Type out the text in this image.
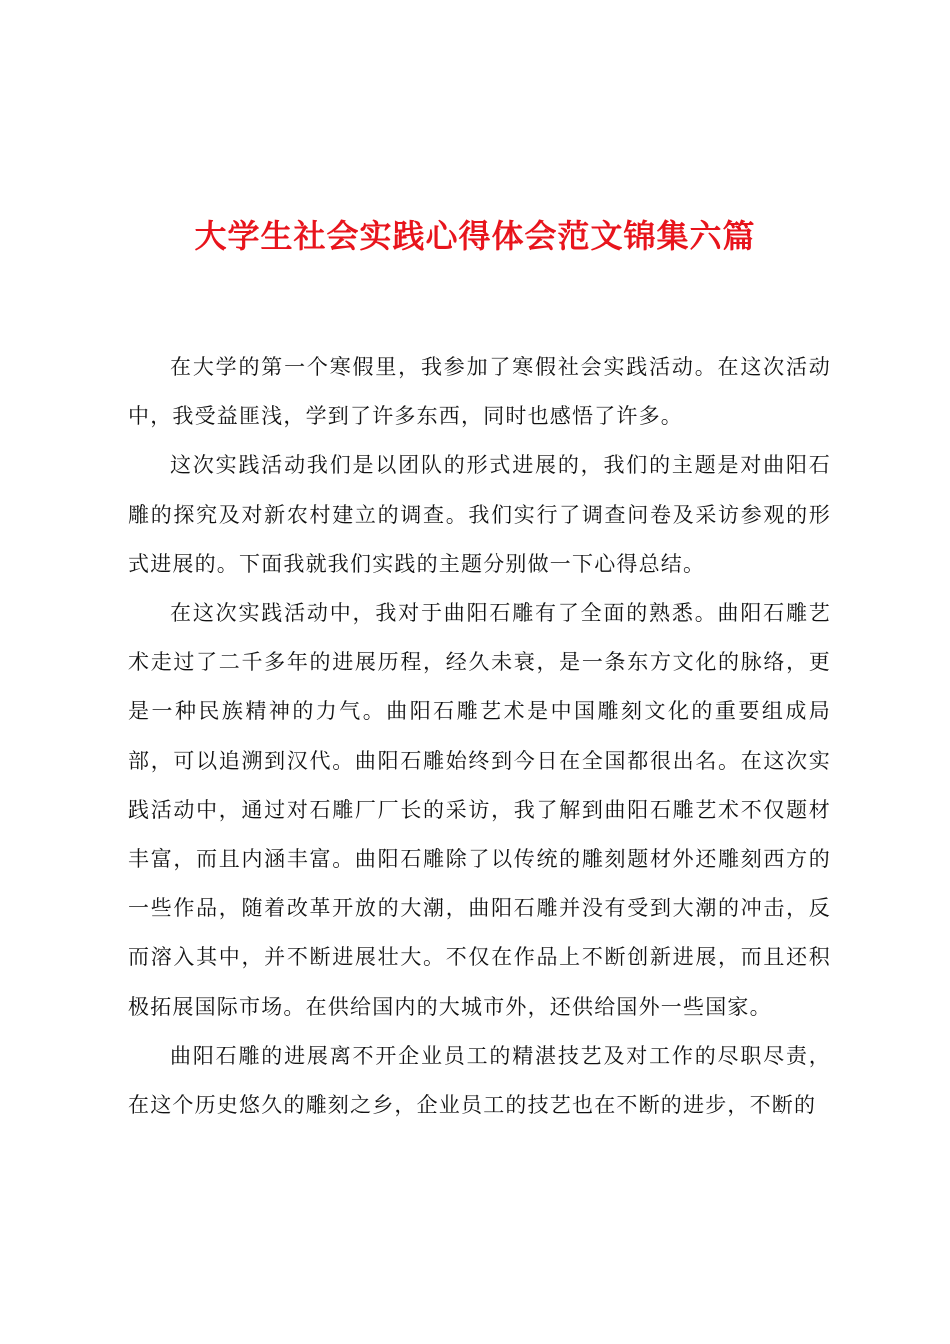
大学生社会实践心得体会范文锦集六篇

在大学的第一个寒假里，我参加了寒假社会实践活动。在这次活动中，我受益匪浅，学到了许多东西，同时也感悟了许多。

这次实践活动我们是以团队的形式进展的，我们的主题是对曲阳石雕的探究及对新农村建立的调查。我们实行了调查问卷及采访参观的形式进展的。下面我就我们实践的主题分别做一下心得总结。

在这次实践活动中，我对于曲阳石雕有了全面的熟悉。曲阳石雕艺术走过了二千多年的进展历程，经久未衰，是一条东方文化的脉络，更是一种民族精神的力气。曲阳石雕艺术是中国雕刻文化的重要组成局部，可以追溯到汉代。曲阳石雕始终到今日在全国都很出名。在这次实践活动中，通过对石雕厂厂长的采访，我了解到曲阳石雕艺术不仅题材丰富，而且内涵丰富。曲阳石雕除了以传统的雕刻题材外还雕刻西方的一些作品，随着改革开放的大潮，曲阳石雕并没有受到大潮的冲击，反而溶入其中，并不断进展壮大。不仅在作品上不断创新进展，而且还积极拓展国际市场。在供给国内的大城市外，还供给国外一些国家。

曲阳石雕的进展离不开企业员工的精湛技艺及对工作的尽职尽责，在这个历史悠久的雕刻之乡，企业员工的技艺也在不断的进步，不断的
